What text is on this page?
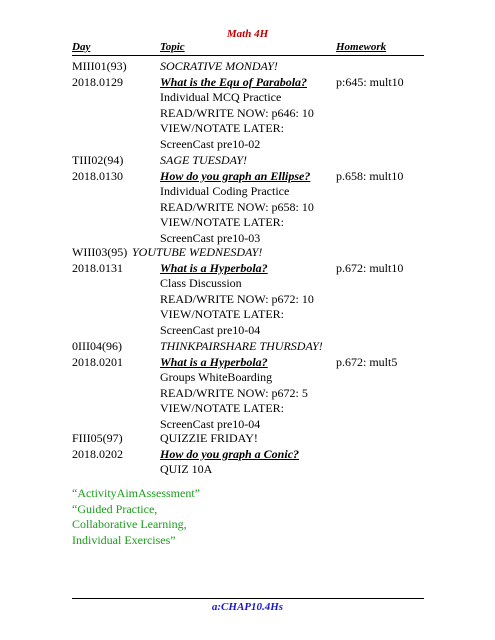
Math 4H
Day	Topic	Homework
MIII01(93)
2018.0129
SOCRATIVE MONDAY!
What is the Equ of Parabola?
Individual MCQ Practice
READ/WRITE NOW: p646: 10
VIEW/NOTATE LATER:
ScreenCast pre10-02
p:645: mult10
TIII02(94)
2018.0130
SAGE TUESDAY!
How do you graph an Ellipse?
Individual Coding Practice
READ/WRITE NOW: p658: 10
VIEW/NOTATE LATER:
ScreenCast pre10-03
p.658: mult10
WIII03(95)
2018.0131
YOUTUBE WEDNESDAY!
What is a Hyperbola?
Class Discussion
READ/WRITE NOW: p672: 10
VIEW/NOTATE LATER:
ScreenCast pre10-04
p.672: mult10
0III04(96)
2018.0201
THINKPAIRSHARE THURSDAY!
What is a Hyperbola?
Groups WhiteBoarding
READ/WRITE NOW: p672: 5
VIEW/NOTATE LATER:
ScreenCast pre10-04
p.672: mult5
FIII05(97)
2018.0202
QUIZZIE FRIDAY!
How do you graph a Conic?
QUIZ 10A
“ActivityAimAssessment”
“Guided Practice,
Collaborative Learning,
Individual Exercises”
a:CHAP10.4Hs
